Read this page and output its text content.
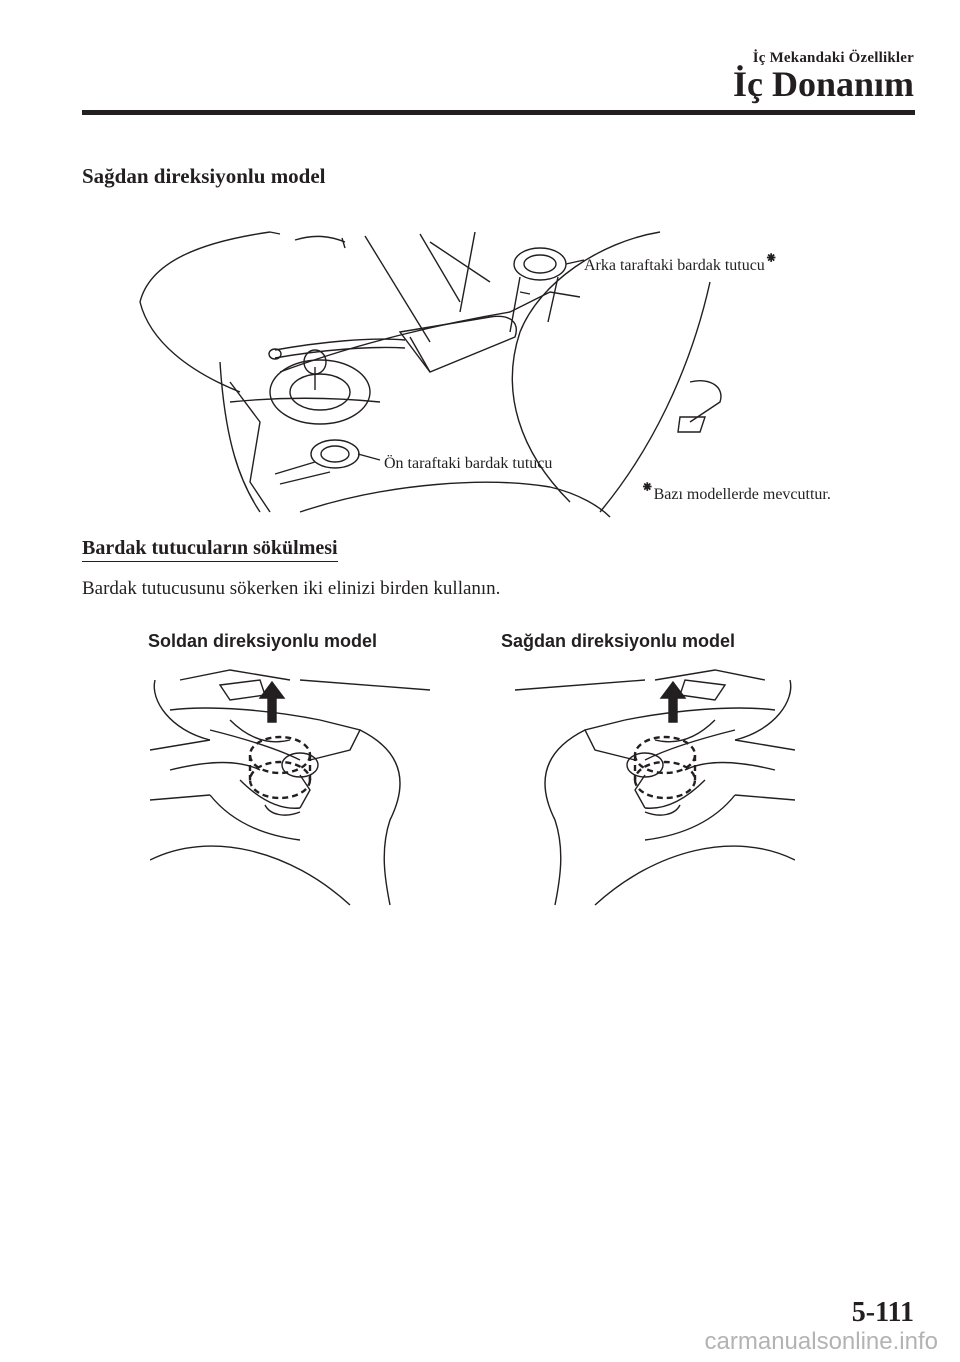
İç Mekandaki Özellikler
İç Donanım
Sağdan direksiyonlu model
Arka taraftaki bardak tutucu⁕
Ön taraftaki bardak tutucu
⁕Bazı modellerde mevcuttur.
Bardak tutucuların sökülmesi
Bardak tutucusunu sökerken iki elinizi birden kullanın.
Soldan direksiyonlu model	Sağdan direksiyonlu model
5-111
carmanualsonline.info
